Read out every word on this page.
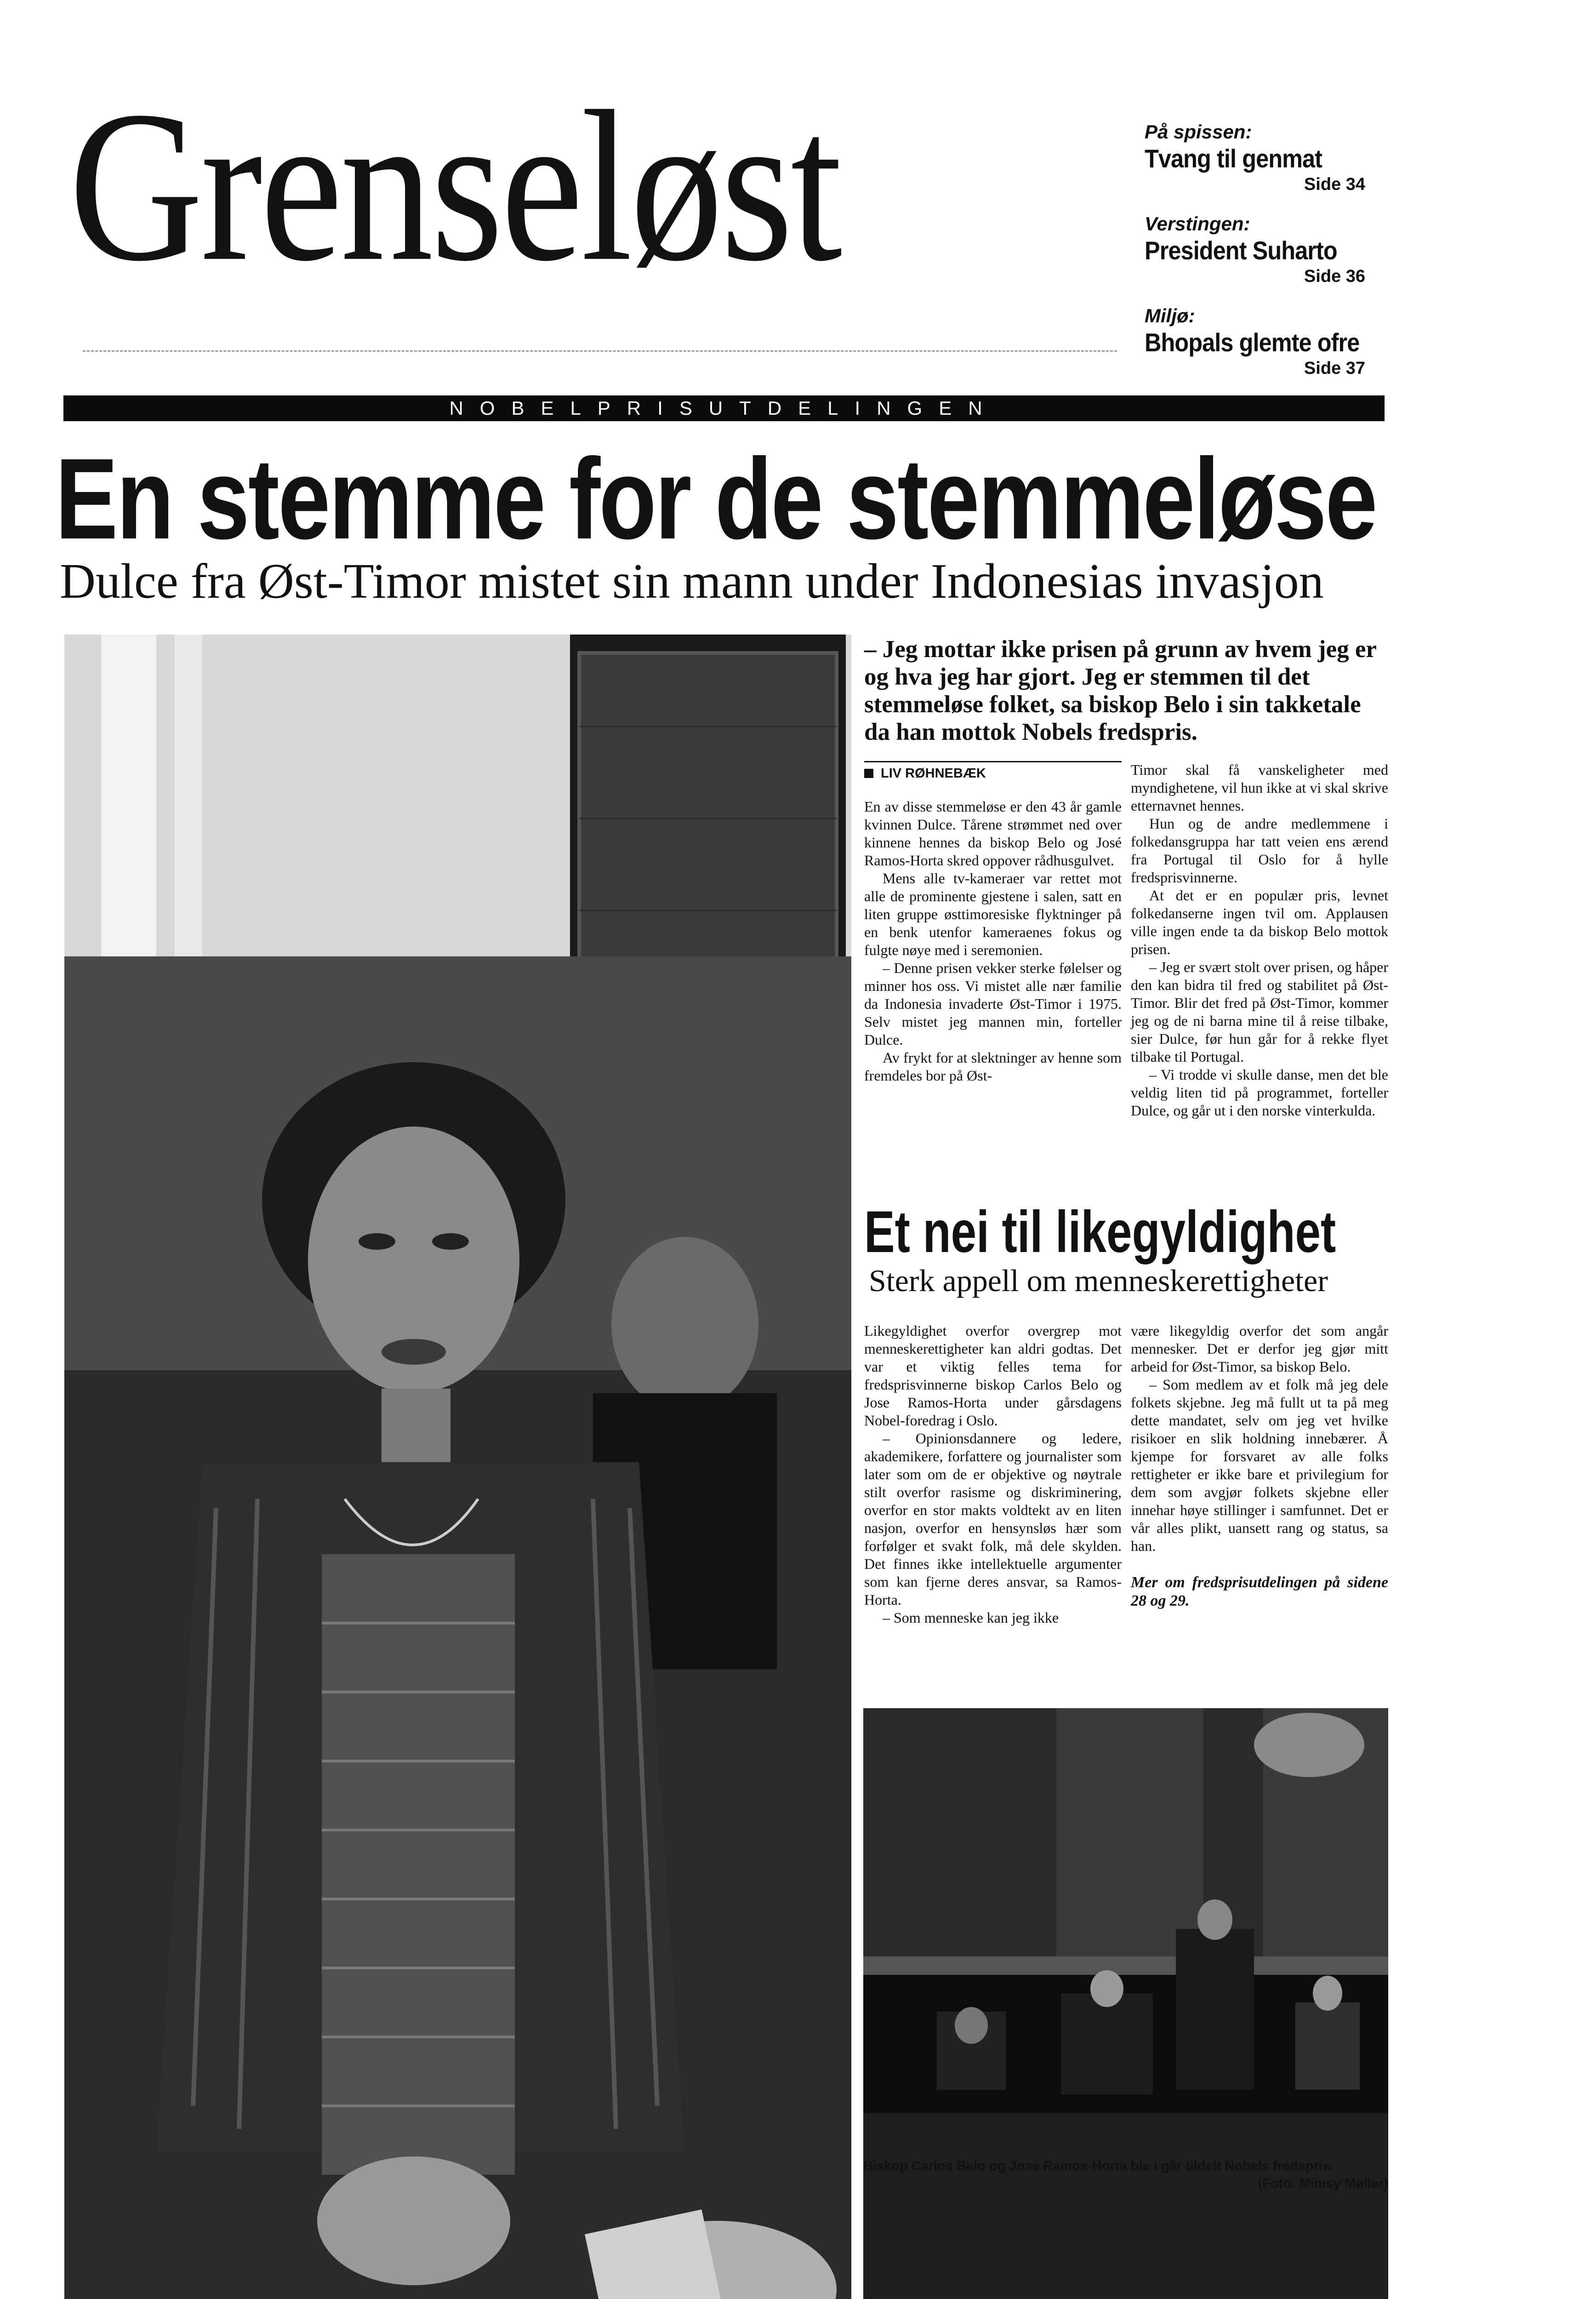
Grenseløst	På spissen:
Tvang til genmat
Side 34
Verstingen:
President Suharto
Side 36
Miljø:
Bhopals glemte ofre
Side 37
NOBELPRISUTDELINGEN
En stemme for de stemmeløse
Dulce fra Øst-Timor mistet sin mann under Indonesias invasjon
– Jeg mottar ikke prisen på grunn av hvem jeg er og hva jeg har gjort. Jeg er stemmen til det stemmeløse folket, sa biskop Belo i sin takketale da han mottok Nobels fredspris.
LIV RØHNEBÆK

En av disse stemmeløse er den 43 år gamle kvinnen Dulce. Tårene strømmet ned over kinnene hennes da biskop Belo og José Ramos-Horta skred oppover rådhusgulvet.

Mens alle tv-kameraer var rettet mot alle de prominente gjestene i salen, satt en liten gruppe østtimoresiske flyktninger på en benk utenfor kameraenes fokus og fulgte nøye med i seremonien.

– Denne prisen vekker sterke følelser og minner hos oss. Vi mistet alle nær familie da Indonesia invaderte Øst-Timor i 1975. Selv mistet jeg mannen min, forteller Dulce.

Av frykt for at slektninger av henne som fremdeles bor på Øst-

Timor skal få vanskeligheter med myndighetene, vil hun ikke at vi skal skrive etternavnet hennes.

Hun og de andre medlemmene i folkedansgruppa har tatt veien ens ærend fra Portugal til Oslo for å hylle fredsprisvinnerne.

At det er en populær pris, levnet folkedanserne ingen tvil om. Applausen ville ingen ende ta da biskop Belo mottok prisen.

– Jeg er svært stolt over prisen, og håper den kan bidra til fred og stabilitet på Øst-Timor. Blir det fred på Øst-Timor, kommer jeg og de ni barna mine til å reise tilbake, sier Dulce, før hun går for å rekke flyet tilbake til Portugal.

– Vi trodde vi skulle danse, men det ble veldig liten tid på programmet, forteller Dulce, og går ut i den norske vinterkulda.

Et nei til likegyldighet
Sterk appell om menneskerettigheter

Likegyldighet overfor overgrep mot menneskerettigheter kan aldri godtas. Det var et viktig felles tema for fredsprisvinnerne biskop Carlos Belo og Jose Ramos-Horta under gårsdagens Nobel-foredrag i Oslo.

– Opinionsdannere og ledere, akademikere, forfattere og journalister som later som om de er objektive og nøytrale stilt overfor rasisme og diskriminering, overfor en stor makts voldtekt av en liten nasjon, overfor en hensynsløs hær som forfølger et svakt folk, må dele skylden. Det finnes ikke intellektuelle argumenter som kan fjerne deres ansvar, sa Ramos-Horta.

– Som menneske kan jeg ikke

være likegyldig overfor det som angår mennesker. Det er derfor jeg gjør mitt arbeid for Øst-Timor, sa biskop Belo.

– Som medlem av et folk må jeg dele folkets skjebne. Jeg må fullt ut ta på meg dette mandatet, selv om jeg vet hvilke risikoer en slik holdning innebærer. Å kjempe for forsvaret av alle folks rettigheter er ikke bare et privilegium for dem som avgjør folkets skjebne eller innehar høye stillinger i samfunnet. Det er vår alles plikt, uansett rang og status, sa han.

Mer om fredsprisutdelingen på sidene 28 og 29.
Biskop Carlos Belo og Jose Ramos-Horta ble i går tildelt Nobels fredspris.
(Foto: Mimsy Møller)
